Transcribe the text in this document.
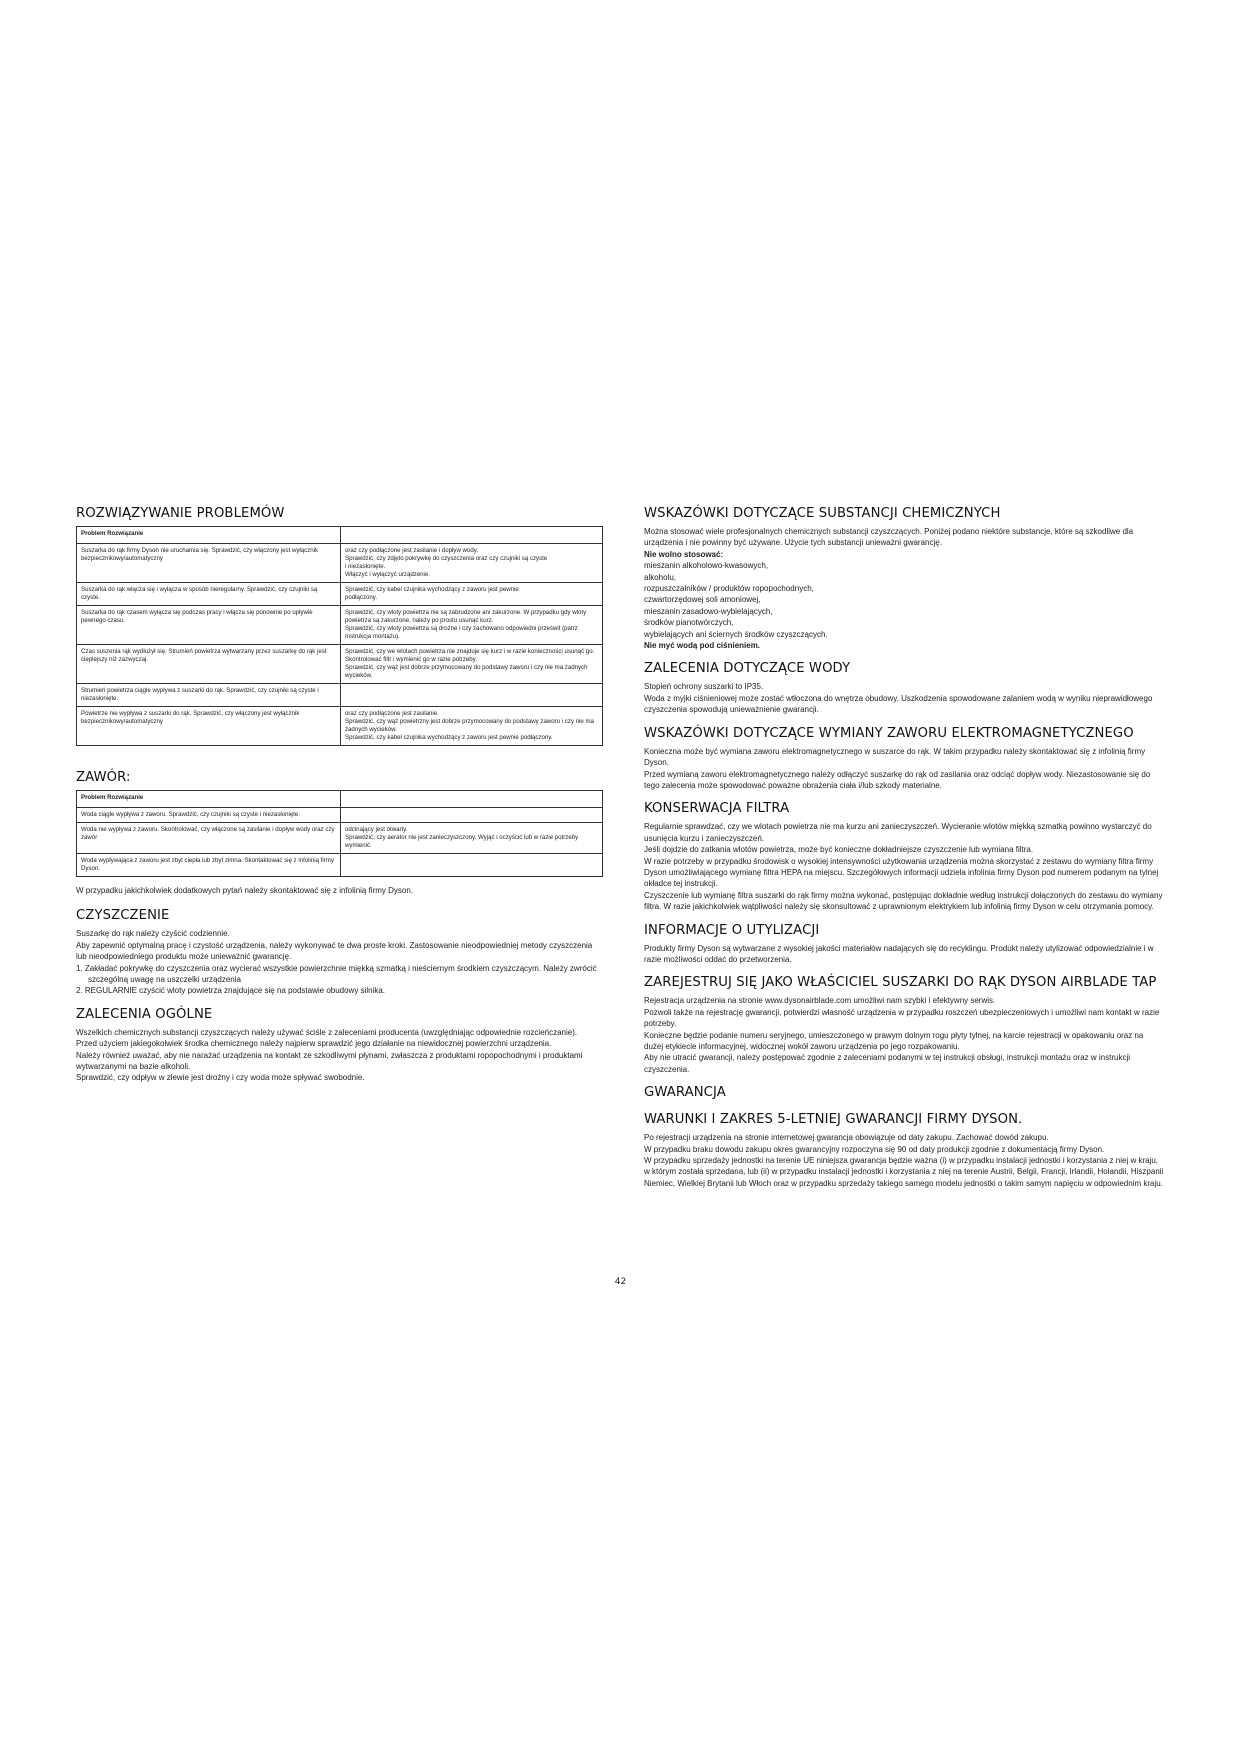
ROZWIĄZYWANIE PROBLEMÓW
Problem Rozwiązanie	
Suszarka do rąk firmy Dyson nie uruchamia się. Sprawdzić, czy włączony jest wyłącznik bezpiecznikowy/automatyczny	oraz czy podłączone jest zasilanie i dopływ wody.
Sprawdzić, czy zdjęto pokrywkę do czyszczenia oraz czy czujniki są czyste
i niezasłonięte.
Włączyć i wyłączyć urządzenie.

Suszarka do rąk włącza się i wyłącza w sposób nieregularny. Sprawdzić, czy czujniki są czyste.	Sprawdzić, czy kabel czujnika wychodzący z zaworu jest pewnie
podłączony.

Suszarka do rąk czasem wyłącza się podczas pracy i włącza się ponownie po upływie pewnego czasu.	Sprawdzić, czy wloty powietrza nie są zabrudzone ani zakurzone. W przypadku gdy wloty powietrza są zakurzone, należy po prostu usunąć kurz.
Sprawdzić, czy wloty powietrza są drożne i czy zachowano odpowiedni prześwit (patrz Instrukcja montażu).

Czas suszenia rąk wydłużył się. Strumień powietrza wytwarzany przez suszarkę do rąk jest cieplejszy niż zazwyczaj.	Sprawdzić, czy we wlotach powietrza nie znajduje się kurz i w razie konieczności usunąć go. Skontrolować filtr i wymienić go w razie potrzeby.
Sprawdzić, czy wąż jest dobrze przymocowany do podstawy zaworu i czy nie ma żadnych wycieków.

Strumień powietrza ciągle wypływa z suszarki do rąk. Sprawdzić, czy czujniki są czyste i niezasłonięte.	
Powietrze nie wypływa z suszarki do rąk. Sprawdzić, czy włączony jest wyłącznik bezpiecznikowy/automatyczny	oraz czy podłączone jest zasilanie.
Sprawdzić, czy wąż powietrzny jest dobrze przymocowany do podstawy zaworu i czy nie ma żadnych wycieków.
Sprawdzić, czy kabel czujnika wychodzący z zaworu jest pewnie podłączony.
ZAWÓR:
Problem Rozwiązanie	
Woda ciągle wypływa z zaworu. Sprawdzić, czy czujniki są czyste i niezasłonięte.	
Woda nie wypływa z zaworu. Skontrolować, czy włączone są zasilanie i dopływ wody oraz czy zawór	odcinający jest otwarty.
Sprawdzić, czy aerator nie jest zanieczyszczony. Wyjąć i oczyścić lub w razie potrzeby wymienić.

Woda wypływająca z zaworu jest zbyt ciepła lub zbyt zimna. Skontaktować się z infolinią firmy Dyson.	

W przypadku jakichkolwiek dodatkowych pytań należy skontaktować się z infolinią firmy Dyson.

CZYSZCZENIE

Suszarkę do rąk należy czyścić codziennie.
Aby zapewnić optymalną pracę i czystość urządzenia, należy wykonywać te dwa proste kroki. Zastosowanie nieodpowiedniej metody czyszczenia lub nieodpowiedniego produktu może unieważnić gwarancję.

1. Zakładać pokrywkę do czyszczenia oraz wycierać wszystkie powierzchnie miękką szmatką i nieściernym środkiem czyszczącym. Należy zwrócić szczególną uwagę na uszczelki urządzenia
2. REGULARNIE czyścić wloty powietrza znajdujące się na podstawie obudowy silnika.
ZALECENIA OGÓLNE

Wszelkich chemicznych substancji czyszczących należy używać ściśle z zaleceniami producenta (uwzględniając odpowiednie rozcieńczanie).
Przed użyciem jakiegokolwiek środka chemicznego należy najpierw sprawdzić jego działanie na niewidocznej powierzchni urządzenia.
Należy również uważać, aby nie narażać urządzenia na kontakt ze szkodliwymi płynami, zwłaszcza z produktami ropopochodnymi i produktami wytwarzanymi na bazie alkoholi.
Sprawdzić, czy odpływ w zlewie jest drożny i czy woda może spływać swobodnie.

WSKAZÓWKI DOTYCZĄCE SUBSTANCJI CHEMICZNYCH

Można stosować wiele profesjonalnych chemicznych substancji czyszczących. Poniżej podano niektóre substancje, które są szkodliwe dla urządzenia i nie powinny być używane. Użycie tych substancji unieważni gwarancję.
Nie wolno stosować:
mieszanin alkoholowo-kwasowych,
alkoholu,
rozpuszczalników / produktów ropopochodnych,
czwartorzędowej soli amoniowej,
mieszanin zasadowo-wybielających,
środków pianotwórczych,
wybielających ani ściernych środków czyszczących.
Nie myć wodą pod ciśnieniem.

ZALECENIA DOTYCZĄCE WODY

Stopień ochrony suszarki to IP35.
Woda z myjki ciśnieniowej może zostać wtłoczona do wnętrza obudowy. Uszkodzenia spowodowane zalaniem wodą w wyniku nieprawidłowego czyszczenia spowodują unieważnienie gwarancji.

WSKAZÓWKI DOTYCZĄCE WYMIANY ZAWORU ELEKTROMAGNETYCZNEGO

Konieczna może być wymiana zaworu elektromagnetycznego w suszarce do rąk. W takim przypadku należy skontaktować się z infolinią firmy Dyson.
Przed wymianą zaworu elektromagnetycznego należy odłączyć suszarkę do rąk od zasilania oraz odciąć dopływ wody. Niezastosowanie się do tego zalecenia może spowodować poważne obrażenia ciała i/lub szkody materialne.

KONSERWACJA FILTRA

Regularnie sprawdzać, czy we wlotach powietrza nie ma kurzu ani zanieczyszczeń. Wycieranie wlotów miękką szmatką powinno wystarczyć do usunięcia kurzu i zanieczyszczeń.
Jeśli dojdzie do zatkania wlotów powietrza, może być konieczne dokładniejsze czyszczenie lub wymiana filtra.
W razie potrzeby w przypadku środowisk o wysokiej intensywności użytkowania urządzenia można skorzystać z zestawu do wymiany filtra firmy Dyson umożliwiającego wymianę filtra HEPA na miejscu. Szczegółowych informacji udziela infolinia firmy Dyson pod numerem podanym na tylnej okładce tej instrukcji.
Czyszczenie lub wymianę filtra suszarki do rąk firmy można wykonać, postępując dokładnie według instrukcji dołączonych do zestawu do wymiany filtra. W razie jakichkolwiek wątpliwości należy się skonsultować z uprawnionym elektrykiem lub infolinią firmy Dyson w celu otrzymania pomocy.

INFORMACJE O UTYLIZACJI

Produkty firmy Dyson są wytwarzane z wysokiej jakości materiałów nadających się do recyklingu. Produkt należy utylizować odpowiedzialnie i w razie możliwości oddać do przetworzenia.

ZAREJESTRUJ SIĘ JAKO WŁAŚCICIEL SUSZARKI DO RĄK DYSON AIRBLADE TAP

Rejestracja urządzenia na stronie www.dysonairblade.com umożliwi nam szybki i efektywny serwis.
Pozwoli także na rejestrację gwarancji, potwierdzi własność urządzenia w przypadku roszczeń ubezpieczeniowych i umożliwi nam kontakt w razie potrzeby.
Konieczne będzie podanie numeru seryjnego, umieszczonego w prawym dolnym rogu płyty tylnej, na karcie rejestracji w opakowaniu oraz na dużej etykiecie informacyjnej, widocznej wokół zaworu urządzenia po jego rozpakowaniu.
Aby nie utracić gwarancji, należy postępować zgodnie z zaleceniami podanymi w tej instrukcji obsługi, instrukcji montażu oraz w instrukcji czyszczenia.

GWARANCJA
WARUNKI I ZAKRES 5-LETNIEJ GWARANCJI FIRMY DYSON.

Po rejestracji urządzenia na stronie internetowej gwarancja obowiązuje od daty zakupu. Zachować dowód zakupu.
W przypadku braku dowodu zakupu okres gwarancyjny rozpoczyna się 90 od daty produkcji zgodnie z dokumentacją firmy Dyson.
W przypadku sprzedaży jednostki na terenie UE niniejsza gwarancja będzie ważna (i) w przypadku instalacji jednostki i korzystania z niej w kraju, w którym została sprzedana, lub (ii) w przypadku instalacji jednostki i korzystania z niej na terenie Austrii, Belgii, Francji, Irlandii, Holandii, Hiszpanii Niemiec, Wielkiej Brytanii lub Włoch oraz w przypadku sprzedaży takiego samego modelu jednostki o takim samym napięciu w odpowiednim kraju.

42
